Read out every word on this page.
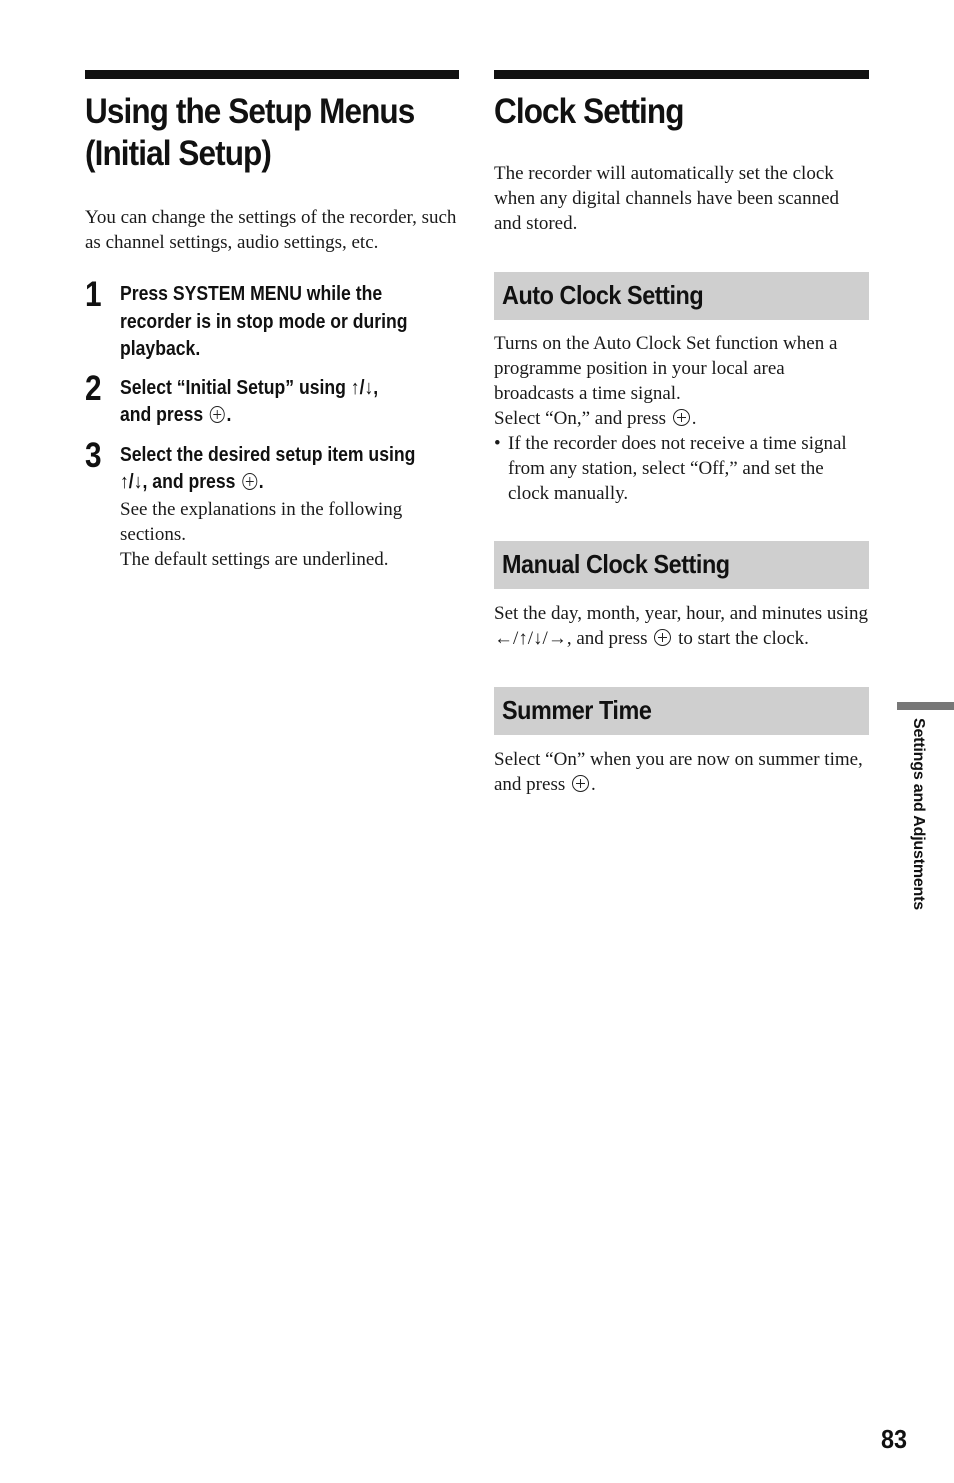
Using the Setup Menus
(Initial Setup)

You can change the settings of the recorder, such as channel settings, audio settings, etc.

1 Press SYSTEM MENU while the recorder is in stop mode or during playback.

2 Select “Initial Setup” using ↑/↓,
and press .

3 Select the desired setup item using
↑/↓, and press .

See the explanations in the following sections.

The default settings are underlined.

Clock Setting

The recorder will automatically set the clock when any digital channels have been scanned and stored.

Auto Clock Setting

Turns on the Auto Clock Set function when a programme position in your local area broadcasts a time signal.

Select “On,” and press .

• If the recorder does not receive a time signal from any station, select “Off,” and set the clock manually.

Manual Clock Setting

Set the day, month, year, hour, and minutes using ←/↑/↓/→, and press  to start the clock.

Summer Time

Select “On” when you are now on summer time, and press .	Settings and Adjustments
83
